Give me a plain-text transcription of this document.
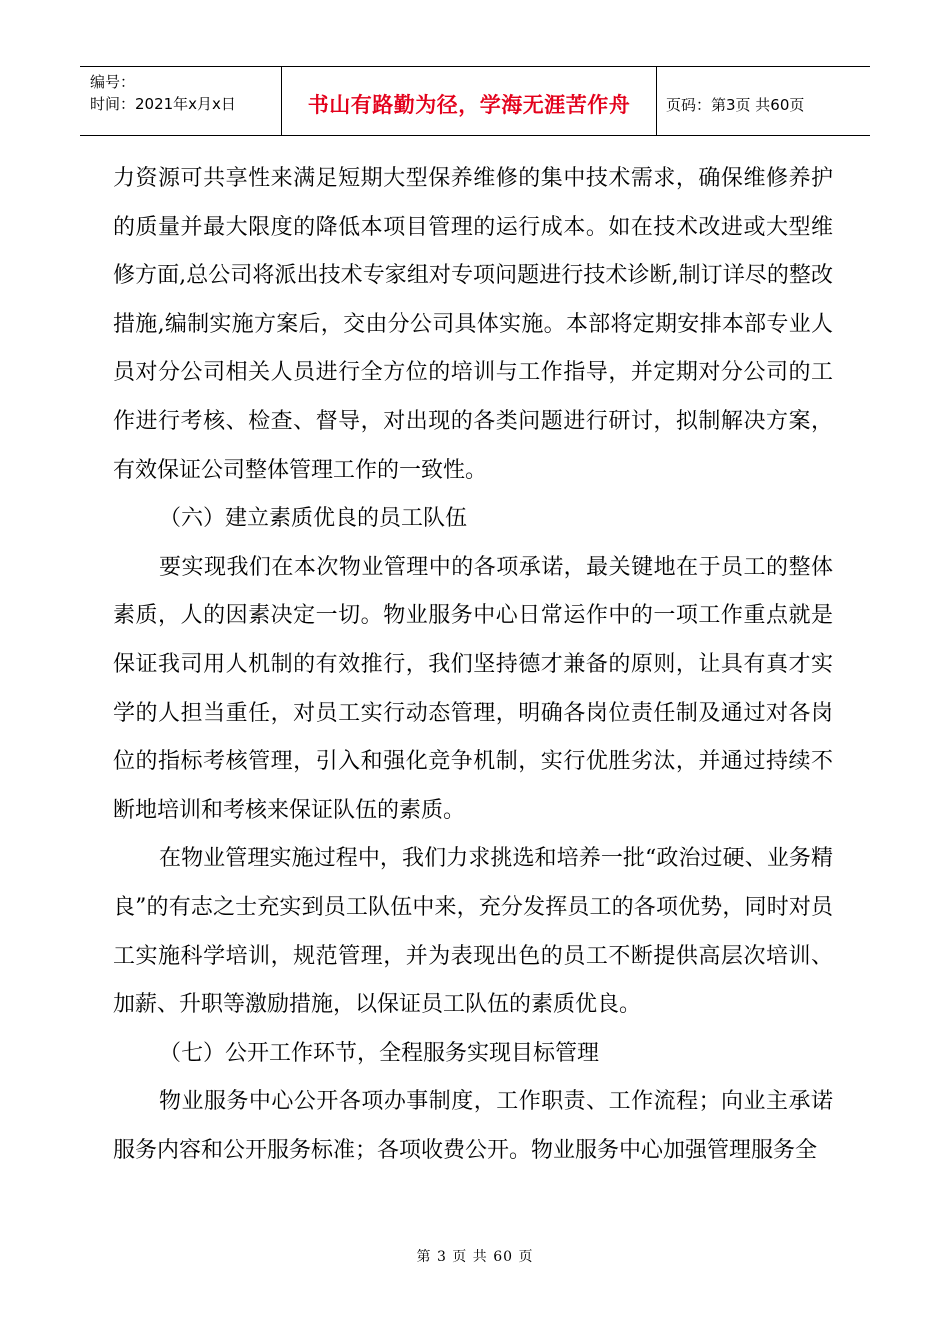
编号：
时间：2021年x月x日	书山有路勤为径，学海无涯苦作舟	页码：第3页 共60页

力资源可共享性来满足短期大型保养维修的集中技术需求，确保维修养护的质量并最大限度的降低本项目管理的运行成本。如在技术改进或大型维修方面,总公司将派出技术专家组对专项问题进行技术诊断,制订详尽的整改措施,编制实施方案后，交由分公司具体实施。本部将定期安排本部专业人员对分公司相关人员进行全方位的培训与工作指导，并定期对分公司的工作进行考核、检查、督导，对出现的各类问题进行研讨，拟制解决方案，有效保证公司整体管理工作的一致性。

（六）建立素质优良的员工队伍

要实现我们在本次物业管理中的各项承诺，最关键地在于员工的整体素质，人的因素决定一切。物业服务中心日常运作中的一项工作重点就是保证我司用人机制的有效推行，我们坚持德才兼备的原则，让具有真才实学的人担当重任，对员工实行动态管理，明确各岗位责任制及通过对各岗位的指标考核管理，引入和强化竞争机制，实行优胜劣汰，并通过持续不断地培训和考核来保证队伍的素质。

在物业管理实施过程中，我们力求挑选和培养一批“政治过硬、业务精良”的有志之士充实到员工队伍中来，充分发挥员工的各项优势，同时对员工实施科学培训，规范管理，并为表现出色的员工不断提供高层次培训、加薪、升职等激励措施，以保证员工队伍的素质优良。

（七）公开工作环节，全程服务实现目标管理

物业服务中心公开各项办事制度，工作职责、工作流程；向业主承诺服务内容和公开服务标准；各项收费公开。物业服务中心加强管理服务全

第 3 页 共 60 页
